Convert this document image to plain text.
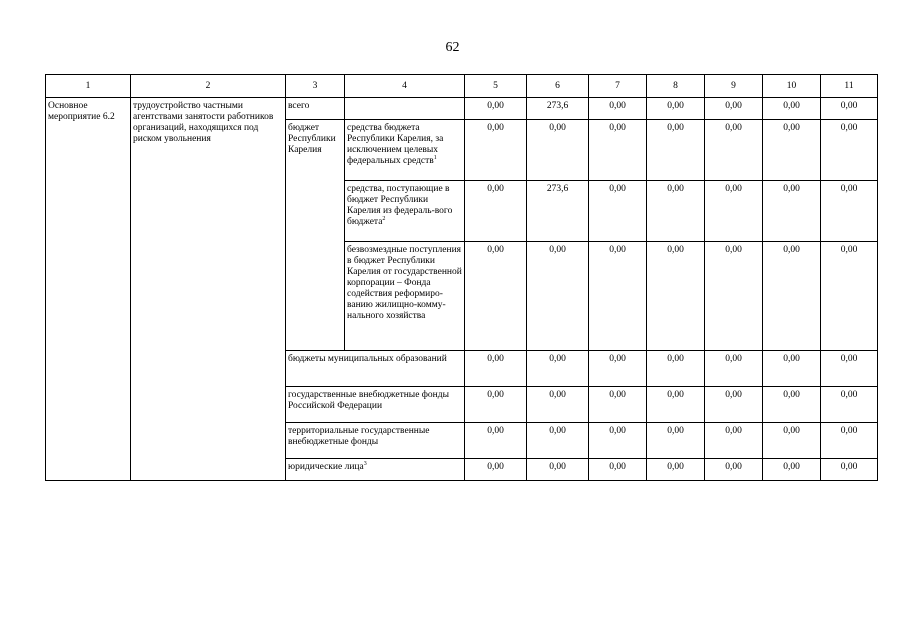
62
1	2	3	4	5	6	7	8	9	10	11
Основное мероприятие 6.2	трудоустройство частными агентствами занятости работников организаций, находящихся под риском увольнения	всего		0,00	273,6	0,00	0,00	0,00	0,00	0,00
		бюджет Республики Карелия	средства бюджета Республики Карелия, за исключением целевых федеральных средств$^1$	0,00	0,00	0,00	0,00	0,00	0,00	0,00
			средства, поступающие в бюджет Республики Карелия из федераль-вого бюджета$^2$	0,00	273,6	0,00	0,00	0,00	0,00	0,00
			безвозмездные поступления в бюджет Республики Карелия от государственной корпорации – Фонда содействия реформиро-ванию жилищно-комму-нального хозяйства	0,00	0,00	0,00	0,00	0,00	0,00	0,00
		бюджеты муниципальных образований		0,00	0,00	0,00	0,00	0,00	0,00	0,00
		государственные внебюджетные фонды Российской Федерации		0,00	0,00	0,00	0,00	0,00	0,00	0,00
		территориальные государственные внебюджетные фонды		0,00	0,00	0,00	0,00	0,00	0,00	0,00
		юридические лица$^3$		0,00	0,00	0,00	0,00	0,00	0,00	0,00
